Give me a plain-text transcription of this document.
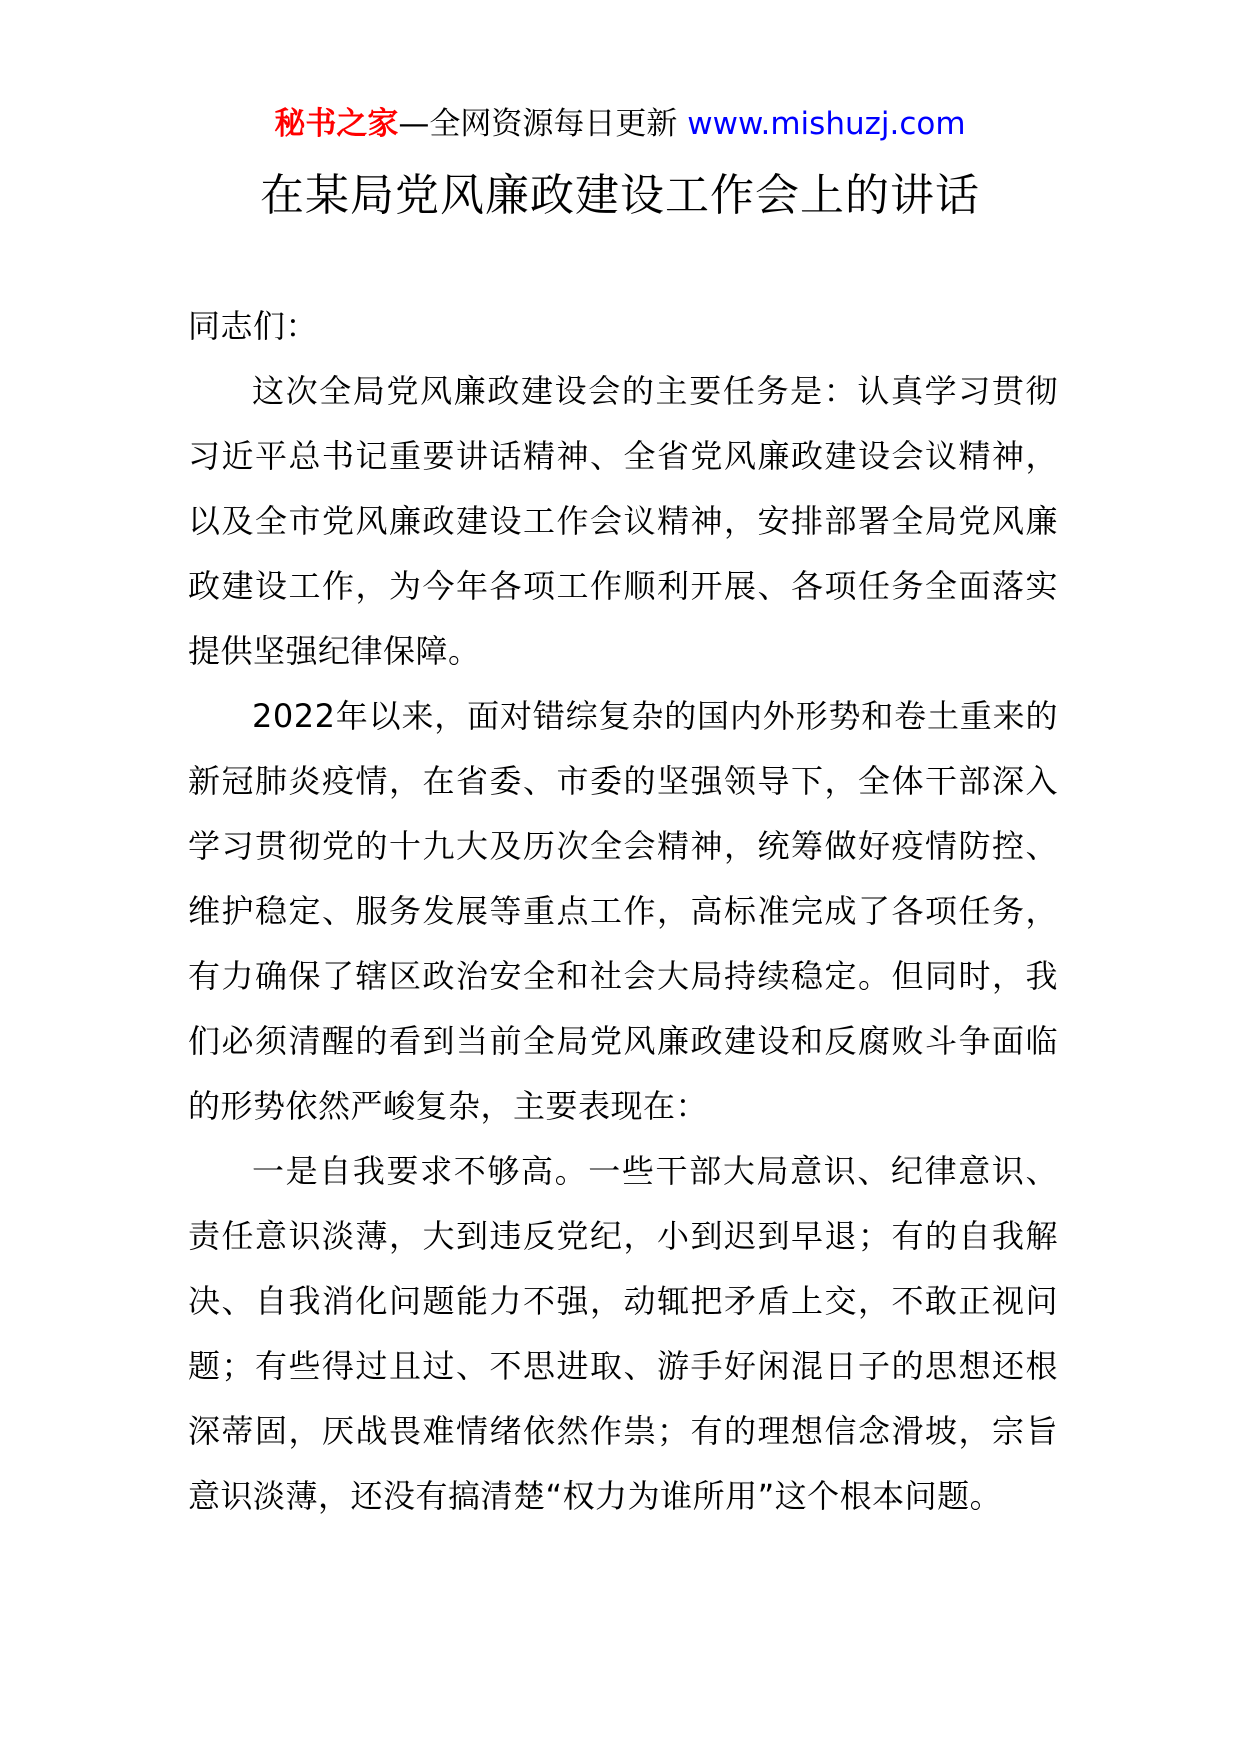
秘书之家—全网资源每日更新 www.mishuzj.com
在某局党风廉政建设工作会上的讲话

同志们：

这次全局党风廉政建设会的主要任务是：认真学习贯彻习近平总书记重要讲话精神、全省党风廉政建设会议精神，以及全市党风廉政建设工作会议精神，安排部署全局党风廉政建设工作，为今年各项工作顺利开展、各项任务全面落实提供坚强纪律保障。

2022年以来，面对错综复杂的国内外形势和卷土重来的新冠肺炎疫情，在省委、市委的坚强领导下，全体干部深入学习贯彻党的十九大及历次全会精神，统筹做好疫情防控、维护稳定、服务发展等重点工作，高标准完成了各项任务，有力确保了辖区政治安全和社会大局持续稳定。但同时，我们必须清醒的看到当前全局党风廉政建设和反腐败斗争面临的形势依然严峻复杂，主要表现在：

一是自我要求不够高。一些干部大局意识、纪律意识、责任意识淡薄，大到违反党纪，小到迟到早退；有的自我解决、自我消化问题能力不强，动辄把矛盾上交，不敢正视问题；有些得过且过、不思进取、游手好闲混日子的思想还根深蒂固，厌战畏难情绪依然作祟；有的理想信念滑坡，宗旨意识淡薄，还没有搞清楚“权力为谁所用”这个根本问题。
